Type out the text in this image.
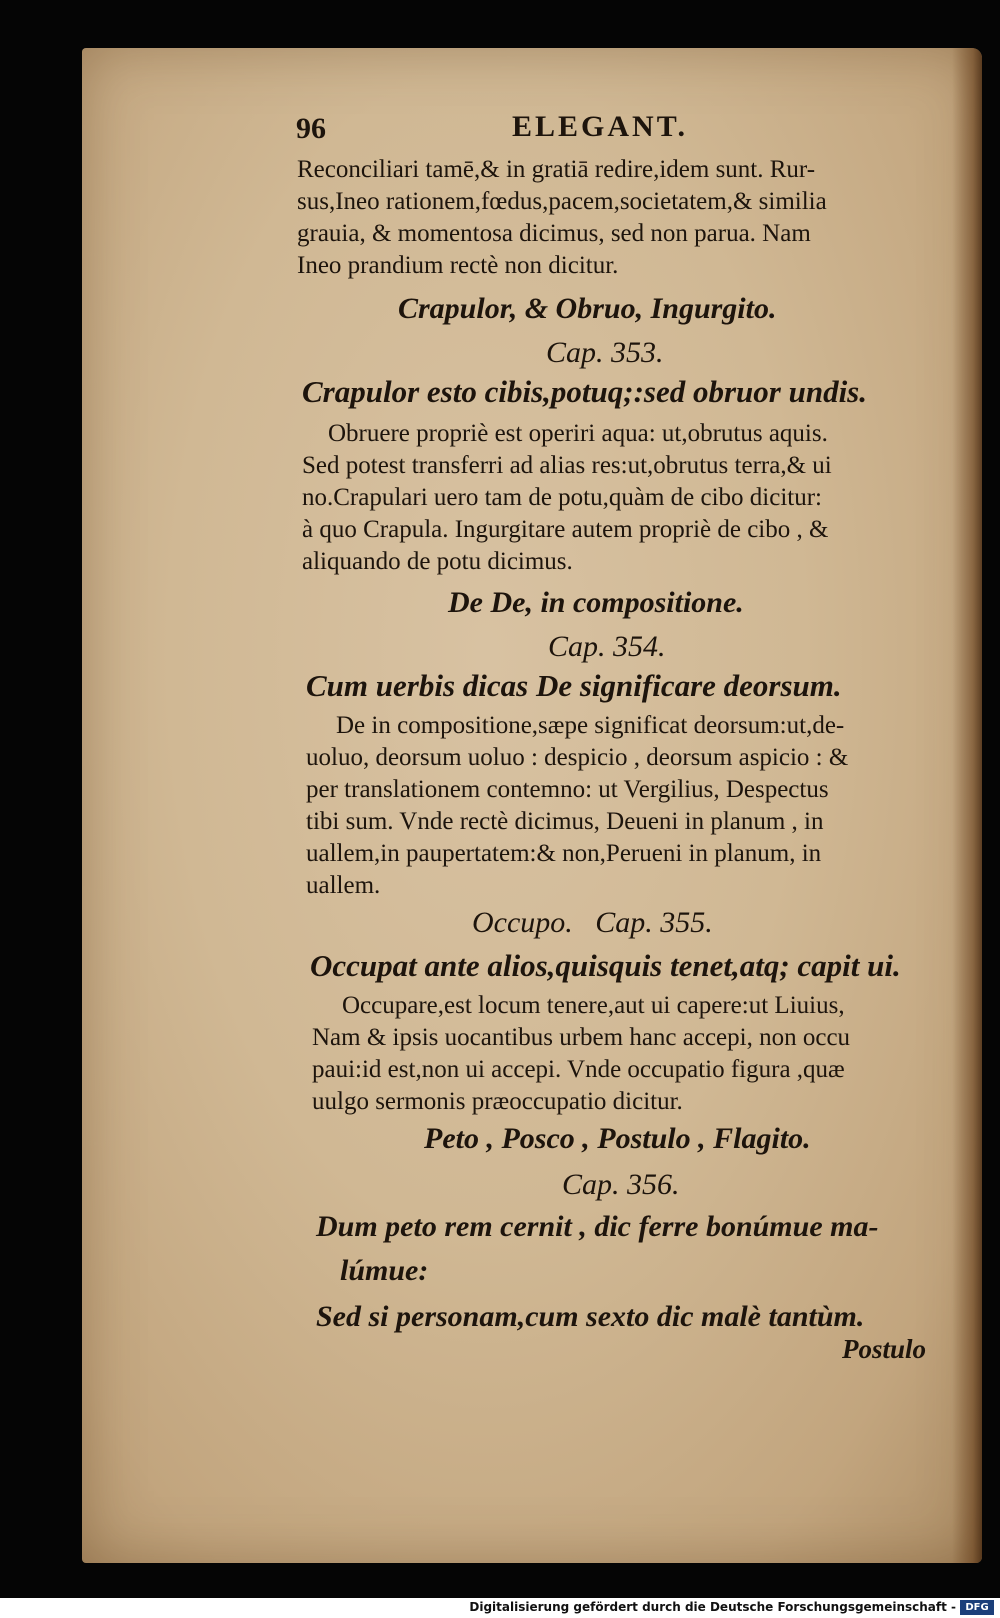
96	ELEGANT.
Reconciliari tamē,& in gratiā redire,idem sunt. Rur-
sus,Ineo rationem,fœdus,pacem,societatem,& similia
grauia, & momentosa dicimus, sed non parua. Nam
Ineo prandium rectè non dicitur.
Crapulor, & Obruo, Ingurgito.
Cap. 353.
Crapulor esto cibis,potuq;:sed obruor undis.
Obruere propriè est operiri aqua: ut,obrutus aquis.
Sed potest transferri ad alias res:ut,obrutus terra,& ui
no.Crapulari uero tam de potu,quàm de cibo dicitur:
à quo Crapula. Ingurgitare autem propriè de cibo , &
aliquando de potu dicimus.
De De, in compositione.
Cap. 354.
Cum uerbis dicas De significare deorsum.
De in compositione,sæpe significat deorsum:ut,de-
uoluo, deorsum uoluo : despicio , deorsum aspicio : &
per translationem contemno: ut Vergilius, Despectus
tibi sum. Vnde rectè dicimus, Deueni in planum , in
uallem,in paupertatem:& non,Perueni in planum, in
uallem.
Occupo.   Cap. 355.
Occupat ante alios,quisquis tenet,atq; capit ui.
Occupare,est locum tenere,aut ui capere:ut Liuius,
Nam & ipsis uocantibus urbem hanc accepi, non occu
paui:id est,non ui accepi. Vnde occupatio figura ,quæ
uulgo sermonis præoccupatio dicitur.
Peto , Posco , Postulo , Flagito.
Cap. 356.
Dum peto rem cernit , dic ferre bonúmue ma-
lúmue:
Sed si personam,cum sexto dic malè tantùm.
Postulo
Digitalisierung gefördert durch die Deutsche Forschungsgemeinschaft - DFG
